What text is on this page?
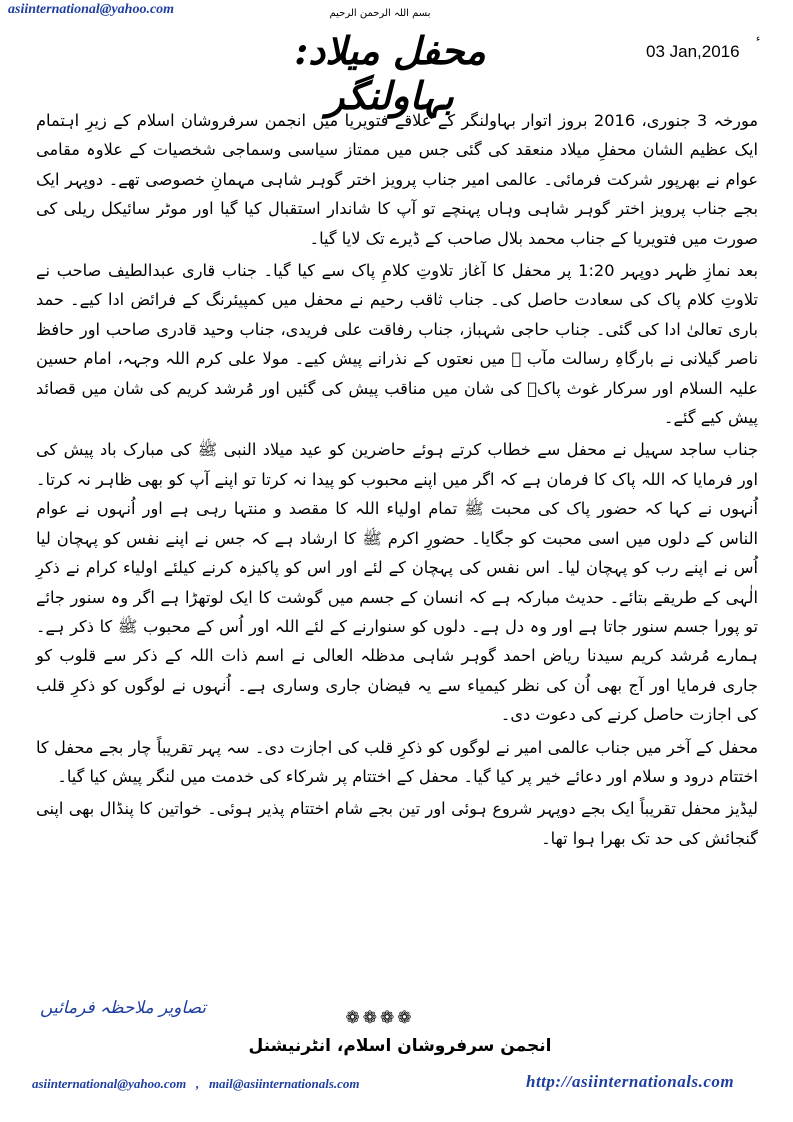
asiinternational@yahoo.com	بسم اللہ الرحمن الرحیم
محفل میلاد: بہاولنگر
03 Jan,2016
ء

مورخہ 3 جنوری، 2016 بروز اتوار بہاولنگر کے علاقے فتویریا میں انجمن سرفروشان اسلام کے زیرِ اہتمام ایک عظیم الشان محفلِ میلاد منعقد کی گئی جس میں ممتاز سیاسی وسماجی شخصیات کے علاوہ مقامی عوام نے بھرپور شرکت فرمائی۔ عالمی امیر جناب پرویز اختر گوہر شاہی مہمانِ خصوصی تھے۔ دوپہر ایک بجے جناب پرویز اختر گوہر شاہی وہاں پہنچے تو آپ کا شاندار استقبال کیا گیا اور موٹر سائیکل ریلی کی صورت میں فتویریا کے جناب محمد بلال صاحب کے ڈیرے تک لایا گیا۔

بعد نمازِ ظہر دوپہر 1:20 پر محفل کا آغاز تلاوتِ کلامِ پاک سے کیا گیا۔ جناب قاری عبدالطیف صاحب نے تلاوتِ کلام پاک کی سعادت حاصل کی۔ جناب ثاقب رحیم نے محفل میں کمپیئرنگ کے فرائض ادا کیے۔ حمد باری تعالیٰ ادا کی گئی۔ جناب حاجی شہباز، جناب رفاقت علی فریدی، جناب وحید قادری صاحب اور حافظ ناصر گیلانی نے بارگاہِ رسالت مآب ﷺ میں نعتوں کے نذرانے پیش کیے۔ مولا علی کرم اللہ وجہہ، امام حسین علیہ السلام اور سرکار غوث پاکؒ کی شان میں مناقب پیش کی گئیں اور مُرشد کریم کی شان میں قصائد پیش کیے گئے۔

جناب ساجد سہیل نے محفل سے خطاب کرتے ہوئے حاضرین کو عید میلاد النبی ﷺ کی مبارک باد پیش کی اور فرمایا کہ اللہ پاک کا فرمان ہے کہ اگر میں اپنے محبوب کو پیدا نہ کرتا تو اپنے آپ کو بھی ظاہر نہ کرتا۔ اُنہوں نے کہا کہ حضور پاک کی محبت ﷺ تمام اولیاء اللہ کا مقصد و منتہا رہی ہے اور اُنہوں نے عوام الناس کے دلوں میں اسی محبت کو جگایا۔ حضورِ اکرم ﷺ کا ارشاد ہے کہ جس نے اپنے نفس کو پہچان لیا اُس نے اپنے رب کو پہچان لیا۔ اس نفس کی پہچان کے لئے اور اس کو پاکیزہ کرنے کیلئے اولیاء کرام نے ذکرِ الٰہی کے طریقے بتائے۔ حدیث مبارکہ ہے کہ انسان کے جسم میں گوشت کا ایک لوتھڑا ہے اگر وہ سنور جائے تو پورا جسم سنور جاتا ہے اور وہ دل ہے۔ دلوں کو سنوارنے کے لئے اللہ اور اُس کے محبوب ﷺ کا ذکر ہے۔ ہمارے مُرشد کریم سیدنا ریاض احمد گوہر شاہی مدظلہ العالی نے اسم ذات اللہ کے ذکر سے قلوب کو جاری فرمایا اور آج بھی اُن کی نظر کیمیاء سے یہ فیضان جاری وساری ہے۔ اُنہوں نے لوگوں کو ذکرِ قلب کی اجازت حاصل کرنے کی دعوت دی۔

محفل کے آخر میں جناب عالمی امیر نے لوگوں کو ذکرِ قلب کی اجازت دی۔ سہ پہر تقریباً چار بجے محفل کا اختتام درود و سلام اور دعائے خیر پر کیا گیا۔ محفل کے اختتام پر شرکاء کی خدمت میں لنگر پیش کیا گیا۔

لیڈیز محفل تقریباً ایک بجے دوپہر شروع ہوئی اور تین بجے شام اختتام پذیر ہوئی۔ خواتین کا پنڈال بھی اپنی گنجائش کی حد تک بھرا ہوا تھا۔

تصاویر ملاحظہ فرمائیں	❁❁❁❁
انجمن سرفروشان اسلام، انٹرنیشنل
asiinternational@yahoo.com   ,   mail@asiinternationals.com	http://asiinternationals.com
